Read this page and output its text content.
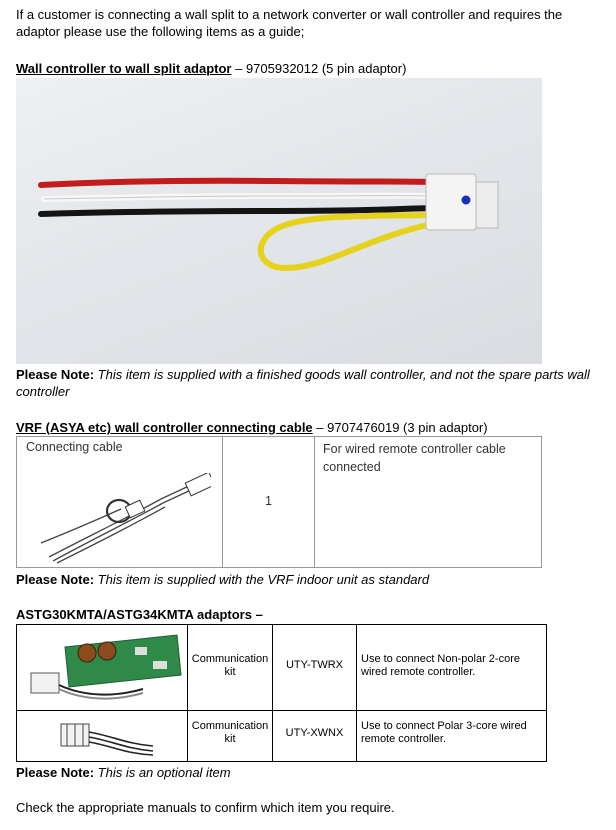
If a customer is connecting a wall split to a network converter or wall controller and requires the
adaptor please use the following items as a guide;
Wall controller to wall split adaptor – 9705932012 (5 pin adaptor)
Please Note: This item is supplied with a finished goods wall controller, and not the spare parts wall
controller
VRF (ASYA etc) wall controller connecting cable – 9707476019 (3 pin adaptor)
Connecting cable
1
For wired remote controller cable
connected
Please Note: This item is supplied with the VRF indoor unit as standard
ASTG30KMTA/ASTG34KMTA adaptors –
Communication
kit
UTY-TWRX	Use to connect Non-polar 2-core
wired remote controller.
Communication
kit	UTY-XWNX
Use to connect Polar 3-core wired
remote controller.
Please Note: This is an optional item
Check the appropriate manuals to confirm which item you require.
